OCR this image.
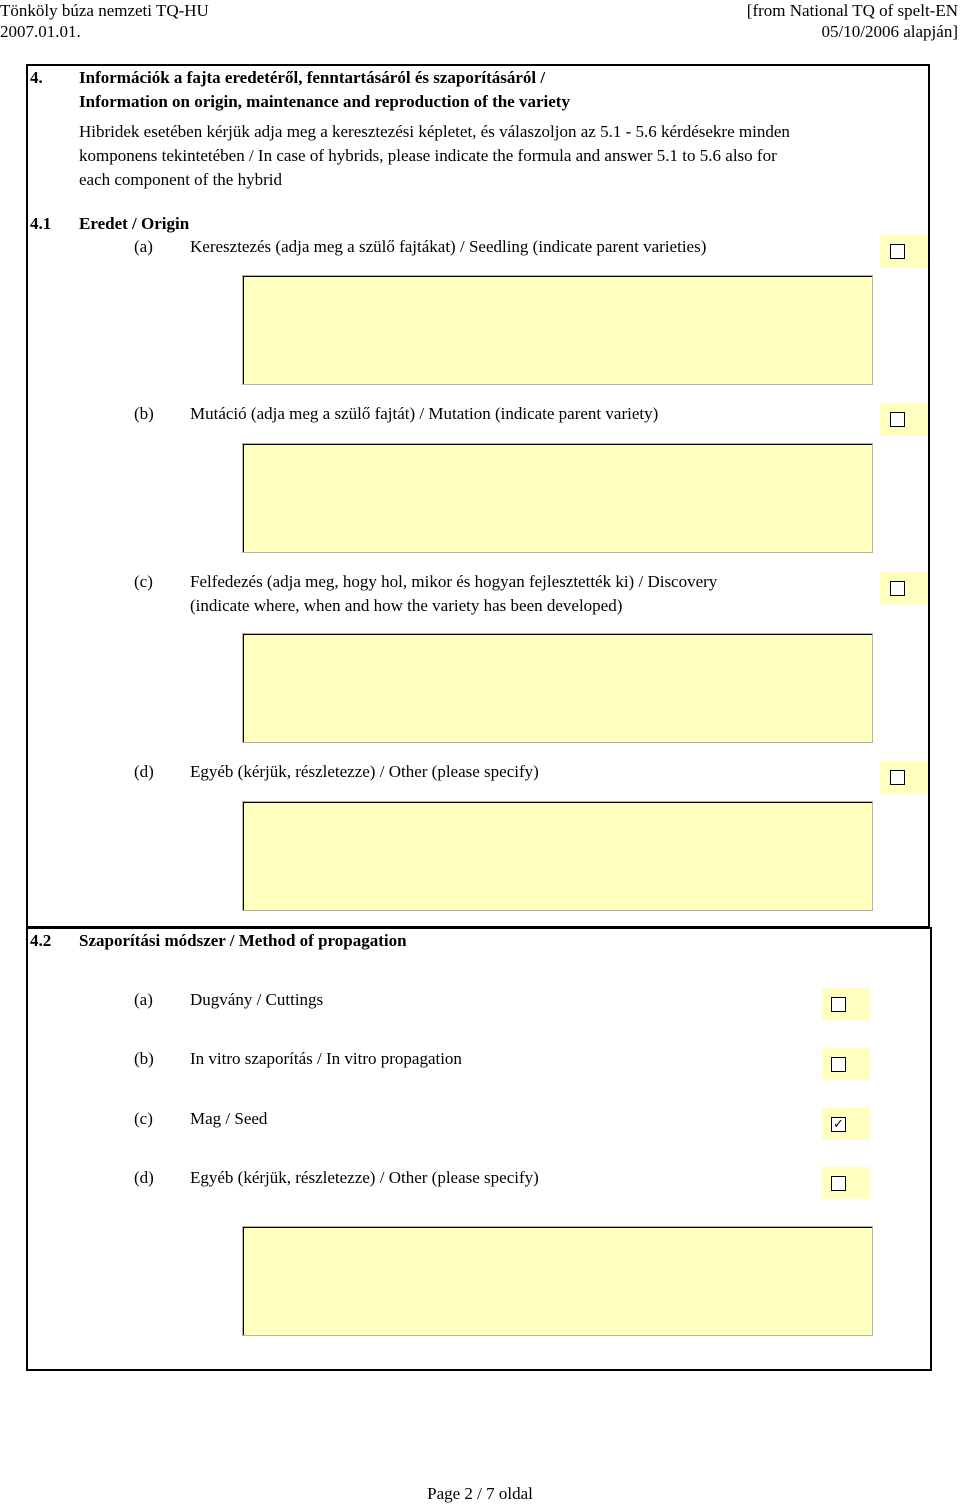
Tönköly búza nemzeti TQ-HU
2007.01.01.
[from National TQ of spelt-EN
05/10/2006 alapján]
4. Információk a fajta eredetéről, fenntartásáról és szaporításáról /
Information on origin, maintenance and reproduction of the variety
Hibridek esetében kérjük adja meg a keresztezési képletet, és válaszoljon az 5.1 - 5.6 kérdésekre minden
komponens tekintetében / In case of hybrids, please indicate the formula and answer 5.1 to 5.6 also for
each component of the hybrid
4.1 Eredet / Origin
(a) Keresztezés (adja meg a szülő fajtákat) / Seedling (indicate parent varieties)
(b) Mutáció (adja meg a szülő fajtát) / Mutation (indicate parent variety)
(c) Felfedezés (adja meg, hogy hol, mikor és hogyan fejlesztették ki) / Discovery
(indicate where, when and how the variety has been developed)
(d) Egyéb (kérjük, részletezze) / Other (please specify)
4.2 Szaporítási módszer / Method of propagation
(a) Dugvány / Cuttings
(b) In vitro szaporítás / In vitro propagation
(c) Mag / Seed	✓
(d) Egyéb (kérjük, részletezze) / Other (please specify)
Page 2 / 7 oldal
